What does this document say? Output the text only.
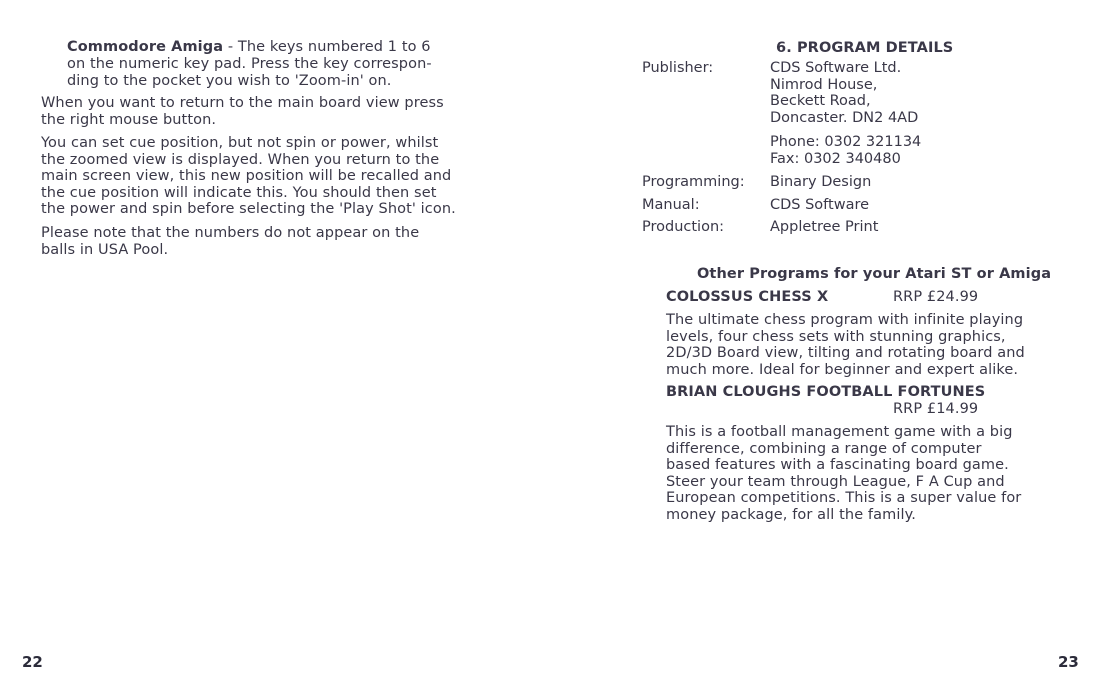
Commodore Amiga - The keys numbered 1 to 6

on the numeric key pad. Press the key correspon-
ding to the pocket you wish to 'Zoom-in' on.

When you want to return to the main board view press
the right mouse button.

You can set cue position, but not spin or power, whilst
the zoomed view is displayed. When you return to the
main screen view, this new position will be recalled and
the cue position will indicate this. You should then set
the power and spin before selecting the 'Play Shot' icon.

Please note that the numbers do not appear on the
balls in USA Pool.

22

6. PROGRAM DETAILS

Publisher:	CDS Software Ltd.
Nimrod House,
Beckett Road,
Doncaster. DN2 4AD
Phone: 0302 321134
Fax: 0302 340480
Programming:	Binary Design
Manual:	CDS Software
Production:	Appletree Print

Other Programs for your Atari ST or Amiga

COLOSSUS CHESS X	RRP £24.99

The ultimate chess program with infinite playing
levels, four chess sets with stunning graphics,
2D/3D Board view, tilting and rotating board and
much more. Ideal for beginner and expert alike.

BRIAN CLOUGHS FOOTBALL FORTUNES

RRP £14.99

This is a football management game with a big
difference, combining a range of computer
based features with a fascinating board game.
Steer your team through League, F A Cup and
European competitions. This is a super value for
money package, for all the family.

23
